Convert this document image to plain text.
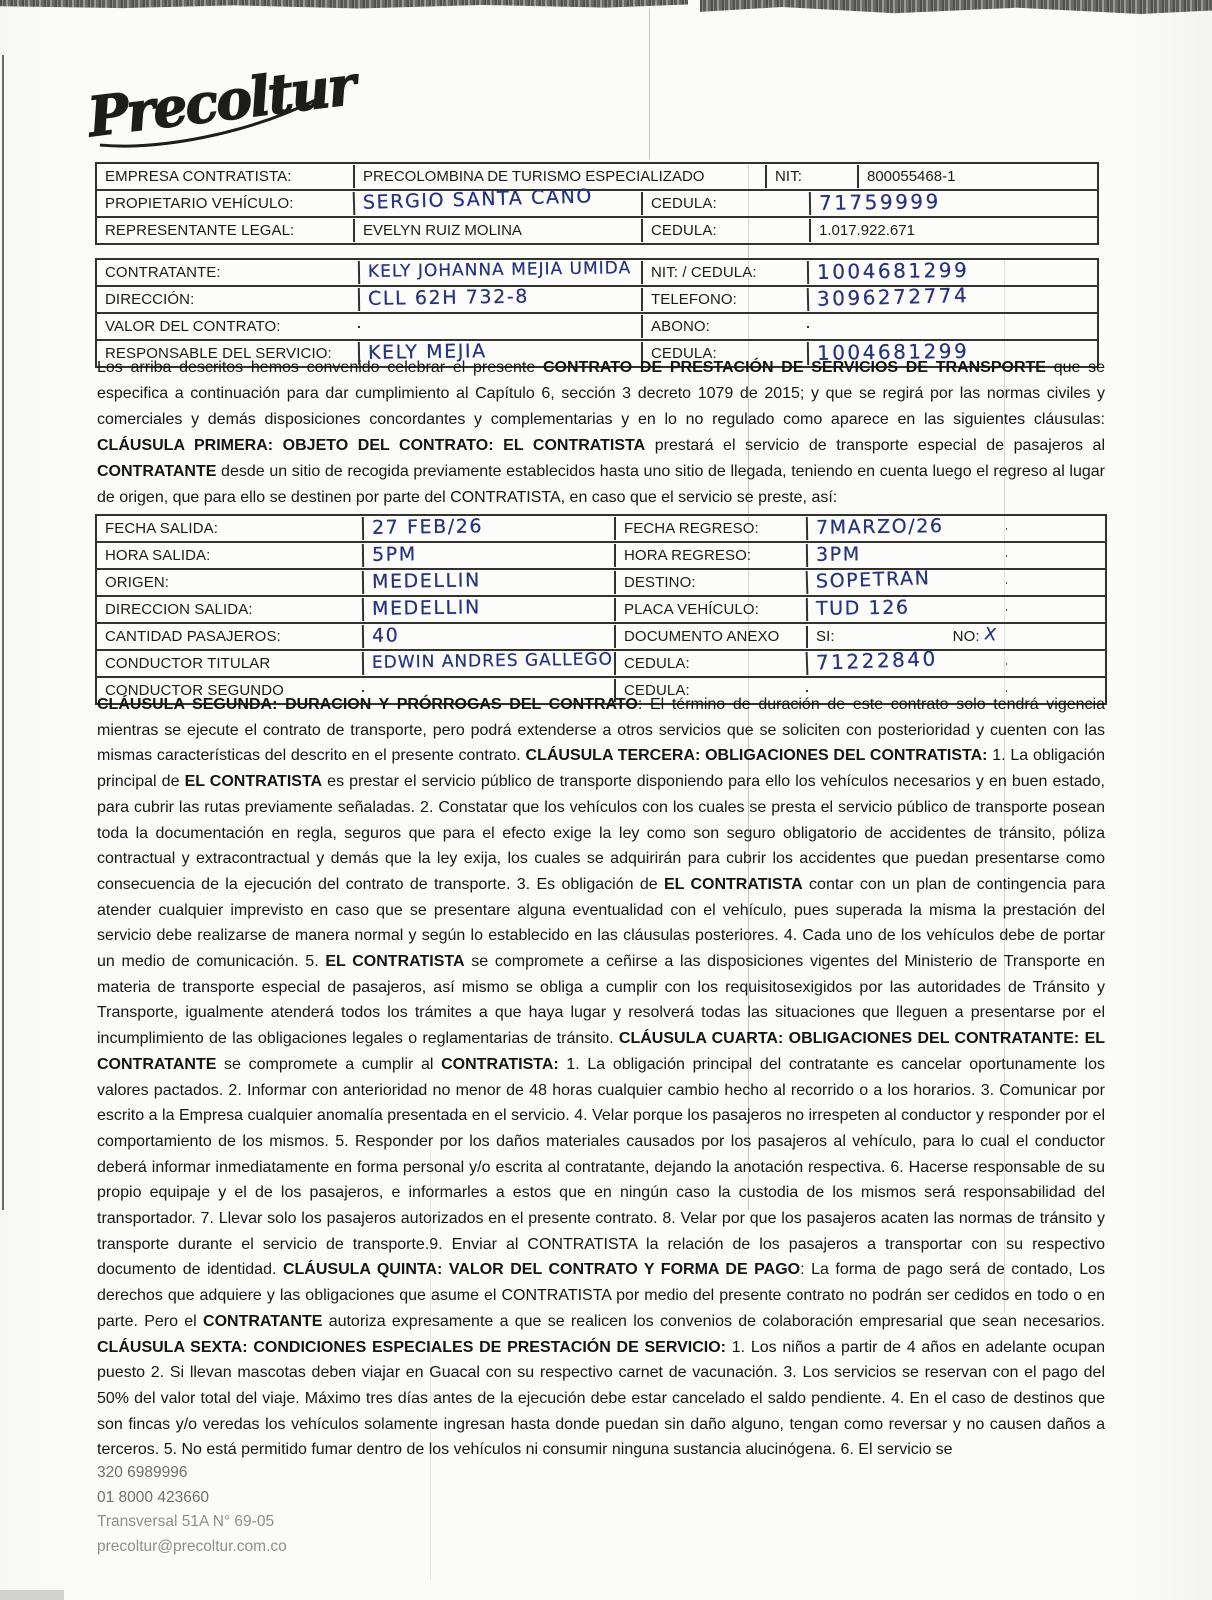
Precoltur
EMPRESA CONTRATISTA:	PRECOLOMBINA DE TURISMO ESPECIALIZADO	NIT:	800055468-1
PROPIETARIO VEHÍCULO:	SERGIO SANTA CANO	CEDULA:	71759999
REPRESENTANTE LEGAL:	EVELYN RUIZ MOLINA	CEDULA:	1.017.922.671
CONTRATANTE:	KELY JOHANNA MEJIA UMIDA	NIT: / CEDULA:	1004681299
DIRECCIÓN:	CLL 62H 732-8	TELEFONO:	3096272774
VALOR DEL CONTRATO:	ABONO:
RESPONSABLE DEL SERVICIO:	KELY MEJIA	CEDULA:	1004681299
Los arriba descritos hemos convenido celebrar el presente CONTRATO DE PRESTACIÓN DE SERVICIOS DE TRANSPORTE que se especifica a continuación para dar cumplimiento al Capítulo 6, sección 3 decreto 1079 de 2015; y que se regirá por las normas civiles y comerciales y demás disposiciones concordantes y complementarias y en lo no regulado como aparece en las siguientes cláusulas: CLÁUSULA PRIMERA: OBJETO DEL CONTRATO: EL CONTRATISTA prestará el servicio de transporte especial de pasajeros al CONTRATANTE desde un sitio de recogida previamente establecidos hasta uno sitio de llegada, teniendo en cuenta luego el regreso al lugar de origen, que para ello se destinen por parte del CONTRATISTA, en caso que el servicio se preste, así:
FECHA SALIDA:	27 FEB/26	FECHA REGRESO:	7MARZO/26
HORA SALIDA:	5PM	HORA REGRESO:	3PM
ORIGEN:	MEDELLIN	DESTINO:	SOPETRAN
DIRECCION SALIDA:	MEDELLIN	PLACA VEHÍCULO:	TUD 126
CANTIDAD PASAJEROS:	40	DOCUMENTO ANEXO	SI:	NO: X
CONDUCTOR TITULAR	EDWIN ANDRES GALLEGO CEDULA:	71222840
CONDUCTOR SEGUNDO	CEDULA:
CLÁUSULA SEGUNDA: DURACION Y PRÓRROGAS DEL CONTRATO: El término de duración de este contrato solo tendrá vigencia mientras se ejecute el contrato de transporte, pero podrá extenderse a otros servicios que se soliciten con posterioridad y cuenten con las mismas características del descrito en el presente contrato. CLÁUSULA TERCERA: OBLIGACIONES DEL CONTRATISTA: 1. La obligación principal de EL CONTRATISTA es prestar el servicio público de transporte disponiendo para ello los vehículos necesarios y en buen estado, para cubrir las rutas previamente señaladas. 2. Constatar que los vehículos con los cuales se presta el servicio público de transporte posean toda la documentación en regla, seguros que para el efecto exige la ley como son seguro obligatorio de accidentes de tránsito, póliza contractual y extracontractual y demás que la ley exija, los cuales se adquirirán para cubrir los accidentes que puedan presentarse como consecuencia de la ejecución del contrato de transporte. 3. Es obligación de EL CONTRATISTA contar con un plan de contingencia para atender cualquier imprevisto en caso que se presentare alguna eventualidad con el vehículo, pues superada la misma la prestación del servicio debe realizarse de manera normal y según lo establecido en las cláusulas posteriores. 4. Cada uno de los vehículos debe de portar un medio de comunicación. 5. EL CONTRATISTA se compromete a ceñirse a las disposiciones vigentes del Ministerio de Transporte en materia de transporte especial de pasajeros, así mismo se obliga a cumplir con los requisitosexigidos por las autoridades de Tránsito y Transporte, igualmente atenderá todos los trámites a que haya lugar y resolverá todas las situaciones que lleguen a presentarse por el incumplimiento de las obligaciones legales o reglamentarias de tránsito. CLÁUSULA CUARTA: OBLIGACIONES DEL CONTRATANTE: EL CONTRATANTE se compromete a cumplir al CONTRATISTA: 1. La obligación principal del contratante es cancelar oportunamente los valores pactados. 2. Informar con anterioridad no menor de 48 horas cualquier cambio hecho al recorrido o a los horarios. 3. Comunicar por escrito a la Empresa cualquier anomalía presentada en el servicio. 4. Velar porque los pasajeros no irrespeten al conductor y responder por el comportamiento de los mismos. 5. Responder por los daños materiales causados por los pasajeros al vehículo, para lo cual el conductor deberá informar inmediatamente en forma personal y/o escrita al contratante, dejando la anotación respectiva. 6. Hacerse responsable de su propio equipaje y el de los pasajeros, e informarles a estos que en ningún caso la custodia de los mismos será responsabilidad del transportador. 7. Llevar solo los pasajeros autorizados en el presente contrato. 8. Velar por que los pasajeros acaten las normas de tránsito y transporte durante el servicio de transporte.9. Enviar al CONTRATISTA la relación de los pasajeros a transportar con su respectivo documento de identidad. CLÁUSULA QUINTA: VALOR DEL CONTRATO Y FORMA DE PAGO: La forma de pago será de contado, Los derechos que adquiere y las obligaciones que asume el CONTRATISTA por medio del presente contrato no podrán ser cedidos en todo o en parte. Pero el CONTRATANTE autoriza expresamente a que se realicen los convenios de colaboración empresarial que sean necesarios. CLÁUSULA SEXTA: CONDICIONES ESPECIALES DE PRESTACIÓN DE SERVICIO: 1. Los niños a partir de 4 años en adelante ocupan puesto 2. Si llevan mascotas deben viajar en Guacal con su respectivo carnet de vacunación. 3. Los servicios se reservan con el pago del 50% del valor total del viaje. Máximo tres días antes de la ejecución debe estar cancelado el saldo pendiente. 4. En el caso de destinos que son fincas y/o veredas los vehículos solamente ingresan hasta donde puedan sin daño alguno, tengan como reversar y no causen daños a terceros. 5. No está permitido fumar dentro de los vehículos ni consumir ninguna sustancia alucinógena. 6. El servicio se
320 6989996
01 8000 423660
Transversal 51A N° 69-05
precoltur@precoltur.com.co
